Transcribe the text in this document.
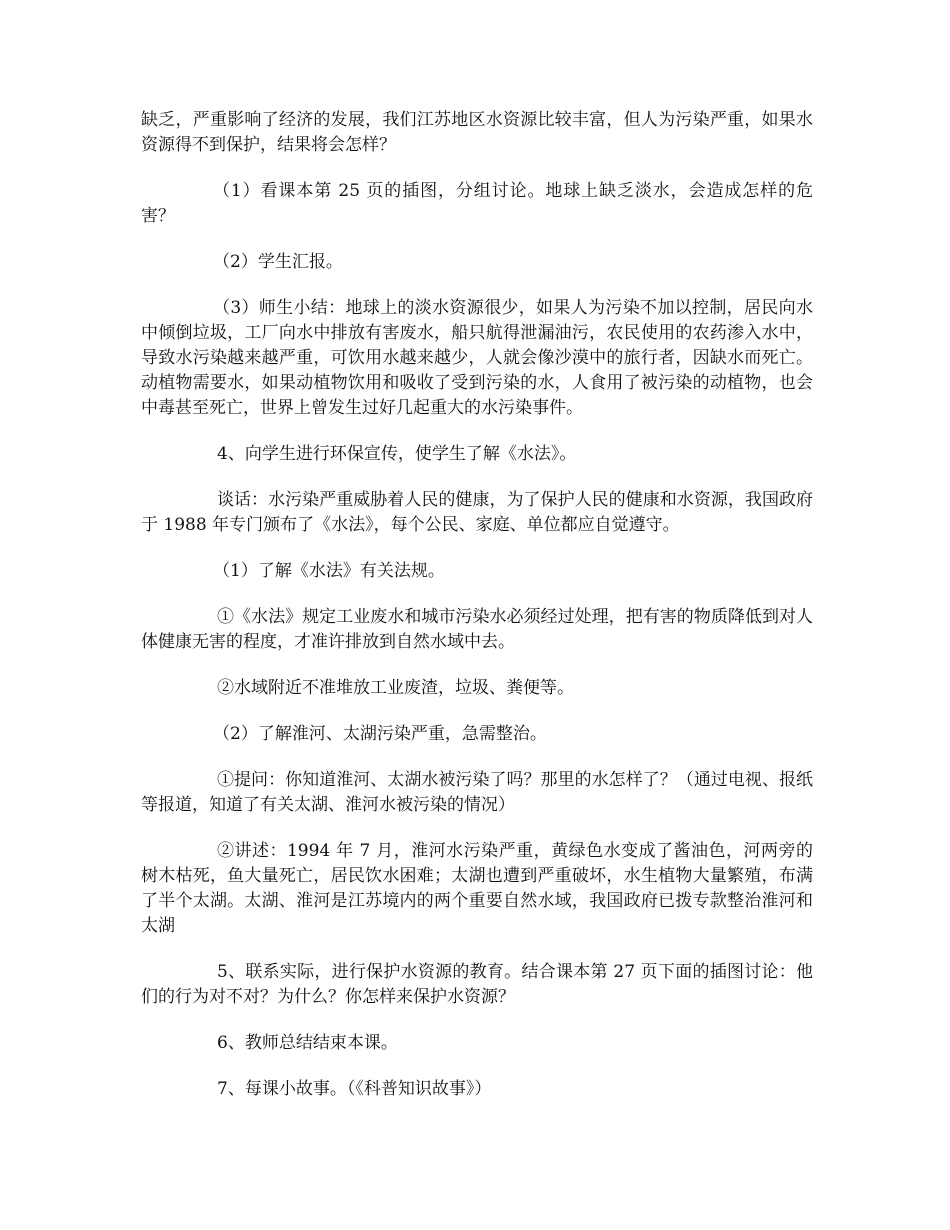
缺乏，严重影响了经济的发展，我们江苏地区水资源比较丰富，但人为污染严重，如果水资源得不到保护，结果将会怎样？

（1）看课本第 25 页的插图，分组讨论。地球上缺乏淡水，会造成怎样的危害？

（2）学生汇报。

（3）师生小结：地球上的淡水资源很少，如果人为污染不加以控制，居民向水中倾倒垃圾，工厂向水中排放有害废水，船只航得泄漏油污，农民使用的农药渗入水中，导致水污染越来越严重，可饮用水越来越少，人就会像沙漠中的旅行者，因缺水而死亡。动植物需要水，如果动植物饮用和吸收了受到污染的水，人食用了被污染的动植物，也会中毒甚至死亡，世界上曾发生过好几起重大的水污染事件。

4、向学生进行环保宣传，使学生了解《水法》。

谈话：水污染严重威胁着人民的健康，为了保护人民的健康和水资源，我国政府于 1988 年专门颁布了《水法》，每个公民、家庭、单位都应自觉遵守。

（1）了解《水法》有关法规。

①《水法》规定工业废水和城市污染水必须经过处理，把有害的物质降低到对人体健康无害的程度，才准许排放到自然水域中去。

②水域附近不准堆放工业废渣，垃圾、粪便等。

（2）了解淮河、太湖污染严重，急需整治。

①提问：你知道淮河、太湖水被污染了吗？那里的水怎样了？（通过电视、报纸等报道，知道了有关太湖、淮河水被污染的情况）

②讲述：1994 年 7 月，淮河水污染严重，黄绿色水变成了酱油色，河两旁的树木枯死，鱼大量死亡，居民饮水困难；太湖也遭到严重破坏，水生植物大量繁殖，布满了半个太湖。太湖、淮河是江苏境内的两个重要自然水域，我国政府已拨专款整治淮河和太湖

5、联系实际，进行保护水资源的教育。结合课本第 27 页下面的插图讨论：他们的行为对不对？为什么？你怎样来保护水资源？

6、教师总结结束本课。

7、每课小故事。（《科普知识故事》）
